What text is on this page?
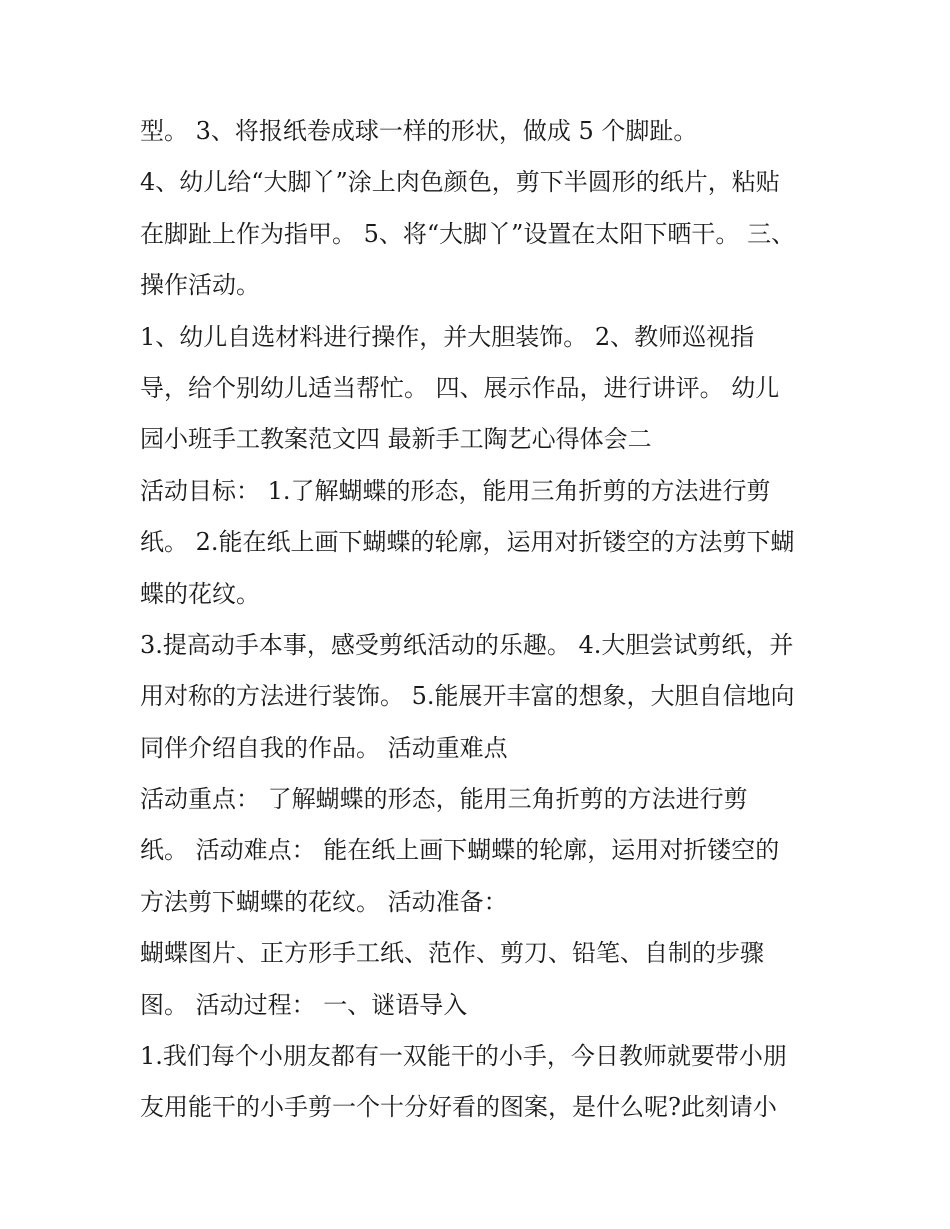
型。 3、将报纸卷成球一样的形状，做成 5 个脚趾。
4、幼儿给“大脚丫”涂上肉色颜色，剪下半圆形的纸片，粘贴
在脚趾上作为指甲。 5、将“大脚丫”设置在太阳下晒干。 三、
操作活动。
1、幼儿自选材料进行操作，并大胆装饰。 2、教师巡视指
导，给个别幼儿适当帮忙。 四、展示作品，进行讲评。 幼儿
园小班手工教案范文四 最新手工陶艺心得体会二
活动目标： 1.了解蝴蝶的形态，能用三角折剪的方法进行剪
纸。 2.能在纸上画下蝴蝶的轮廓，运用对折镂空的方法剪下蝴
蝶的花纹。
3.提高动手本事，感受剪纸活动的乐趣。 4.大胆尝试剪纸，并
用对称的方法进行装饰。 5.能展开丰富的想象，大胆自信地向
同伴介绍自我的作品。 活动重难点
活动重点： 了解蝴蝶的形态，能用三角折剪的方法进行剪
纸。 活动难点： 能在纸上画下蝴蝶的轮廓，运用对折镂空的
方法剪下蝴蝶的花纹。 活动准备：
蝴蝶图片、正方形手工纸、范作、剪刀、铅笔、自制的步骤
图。 活动过程： 一、谜语导入
1.我们每个小朋友都有一双能干的小手，今日教师就要带小朋
友用能干的小手剪一个十分好看的图案，是什么呢?此刻请小
